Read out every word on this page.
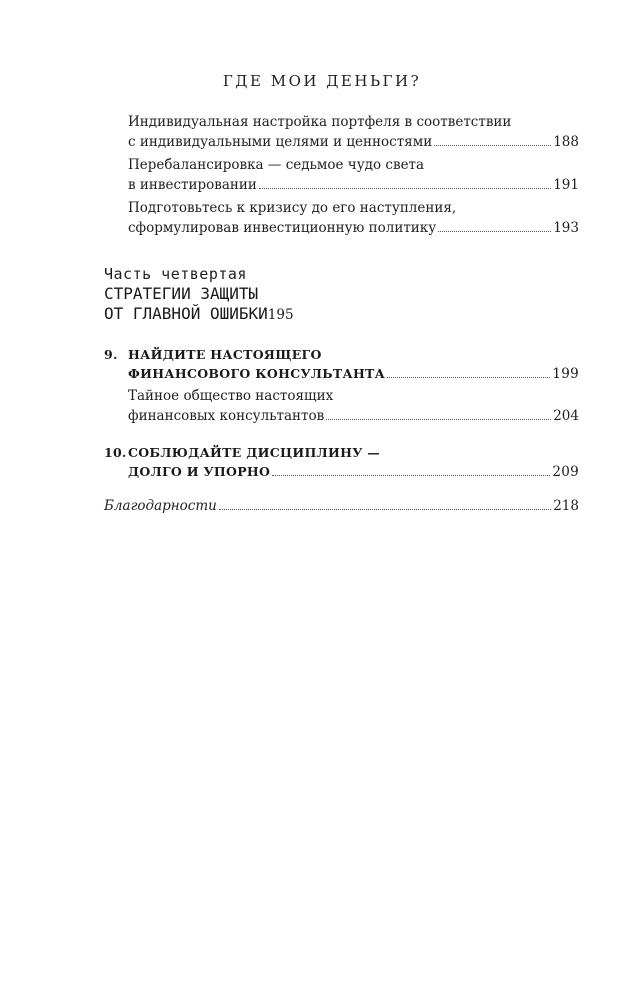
ГДЕ МОИ ДЕНЬГИ?
Индивидуальная настройка портфеля в соответствии
с индивидуальными целями и ценностями	188
Перебалансировка — седьмое чудо света
в инвестировании	191
Подготовьтесь к кризису до его наступления,
сформулировав инвестиционную политику	193
Часть четвертая
СТРАТЕГИИ ЗАЩИТЫ
ОТ ГЛАВНОЙ ОШИБКИ 195
9. НАЙДИТЕ НАСТОЯЩЕГО
ФИНАНСОВОГО КОНСУЛЬТАНТА	199
Тайное общество настоящих
финансовых консультантов	204
10.СОБЛЮДАЙТЕ ДИСЦИПЛИНУ —
ДОЛГО И УПОРНО	209
Благодарности	218
